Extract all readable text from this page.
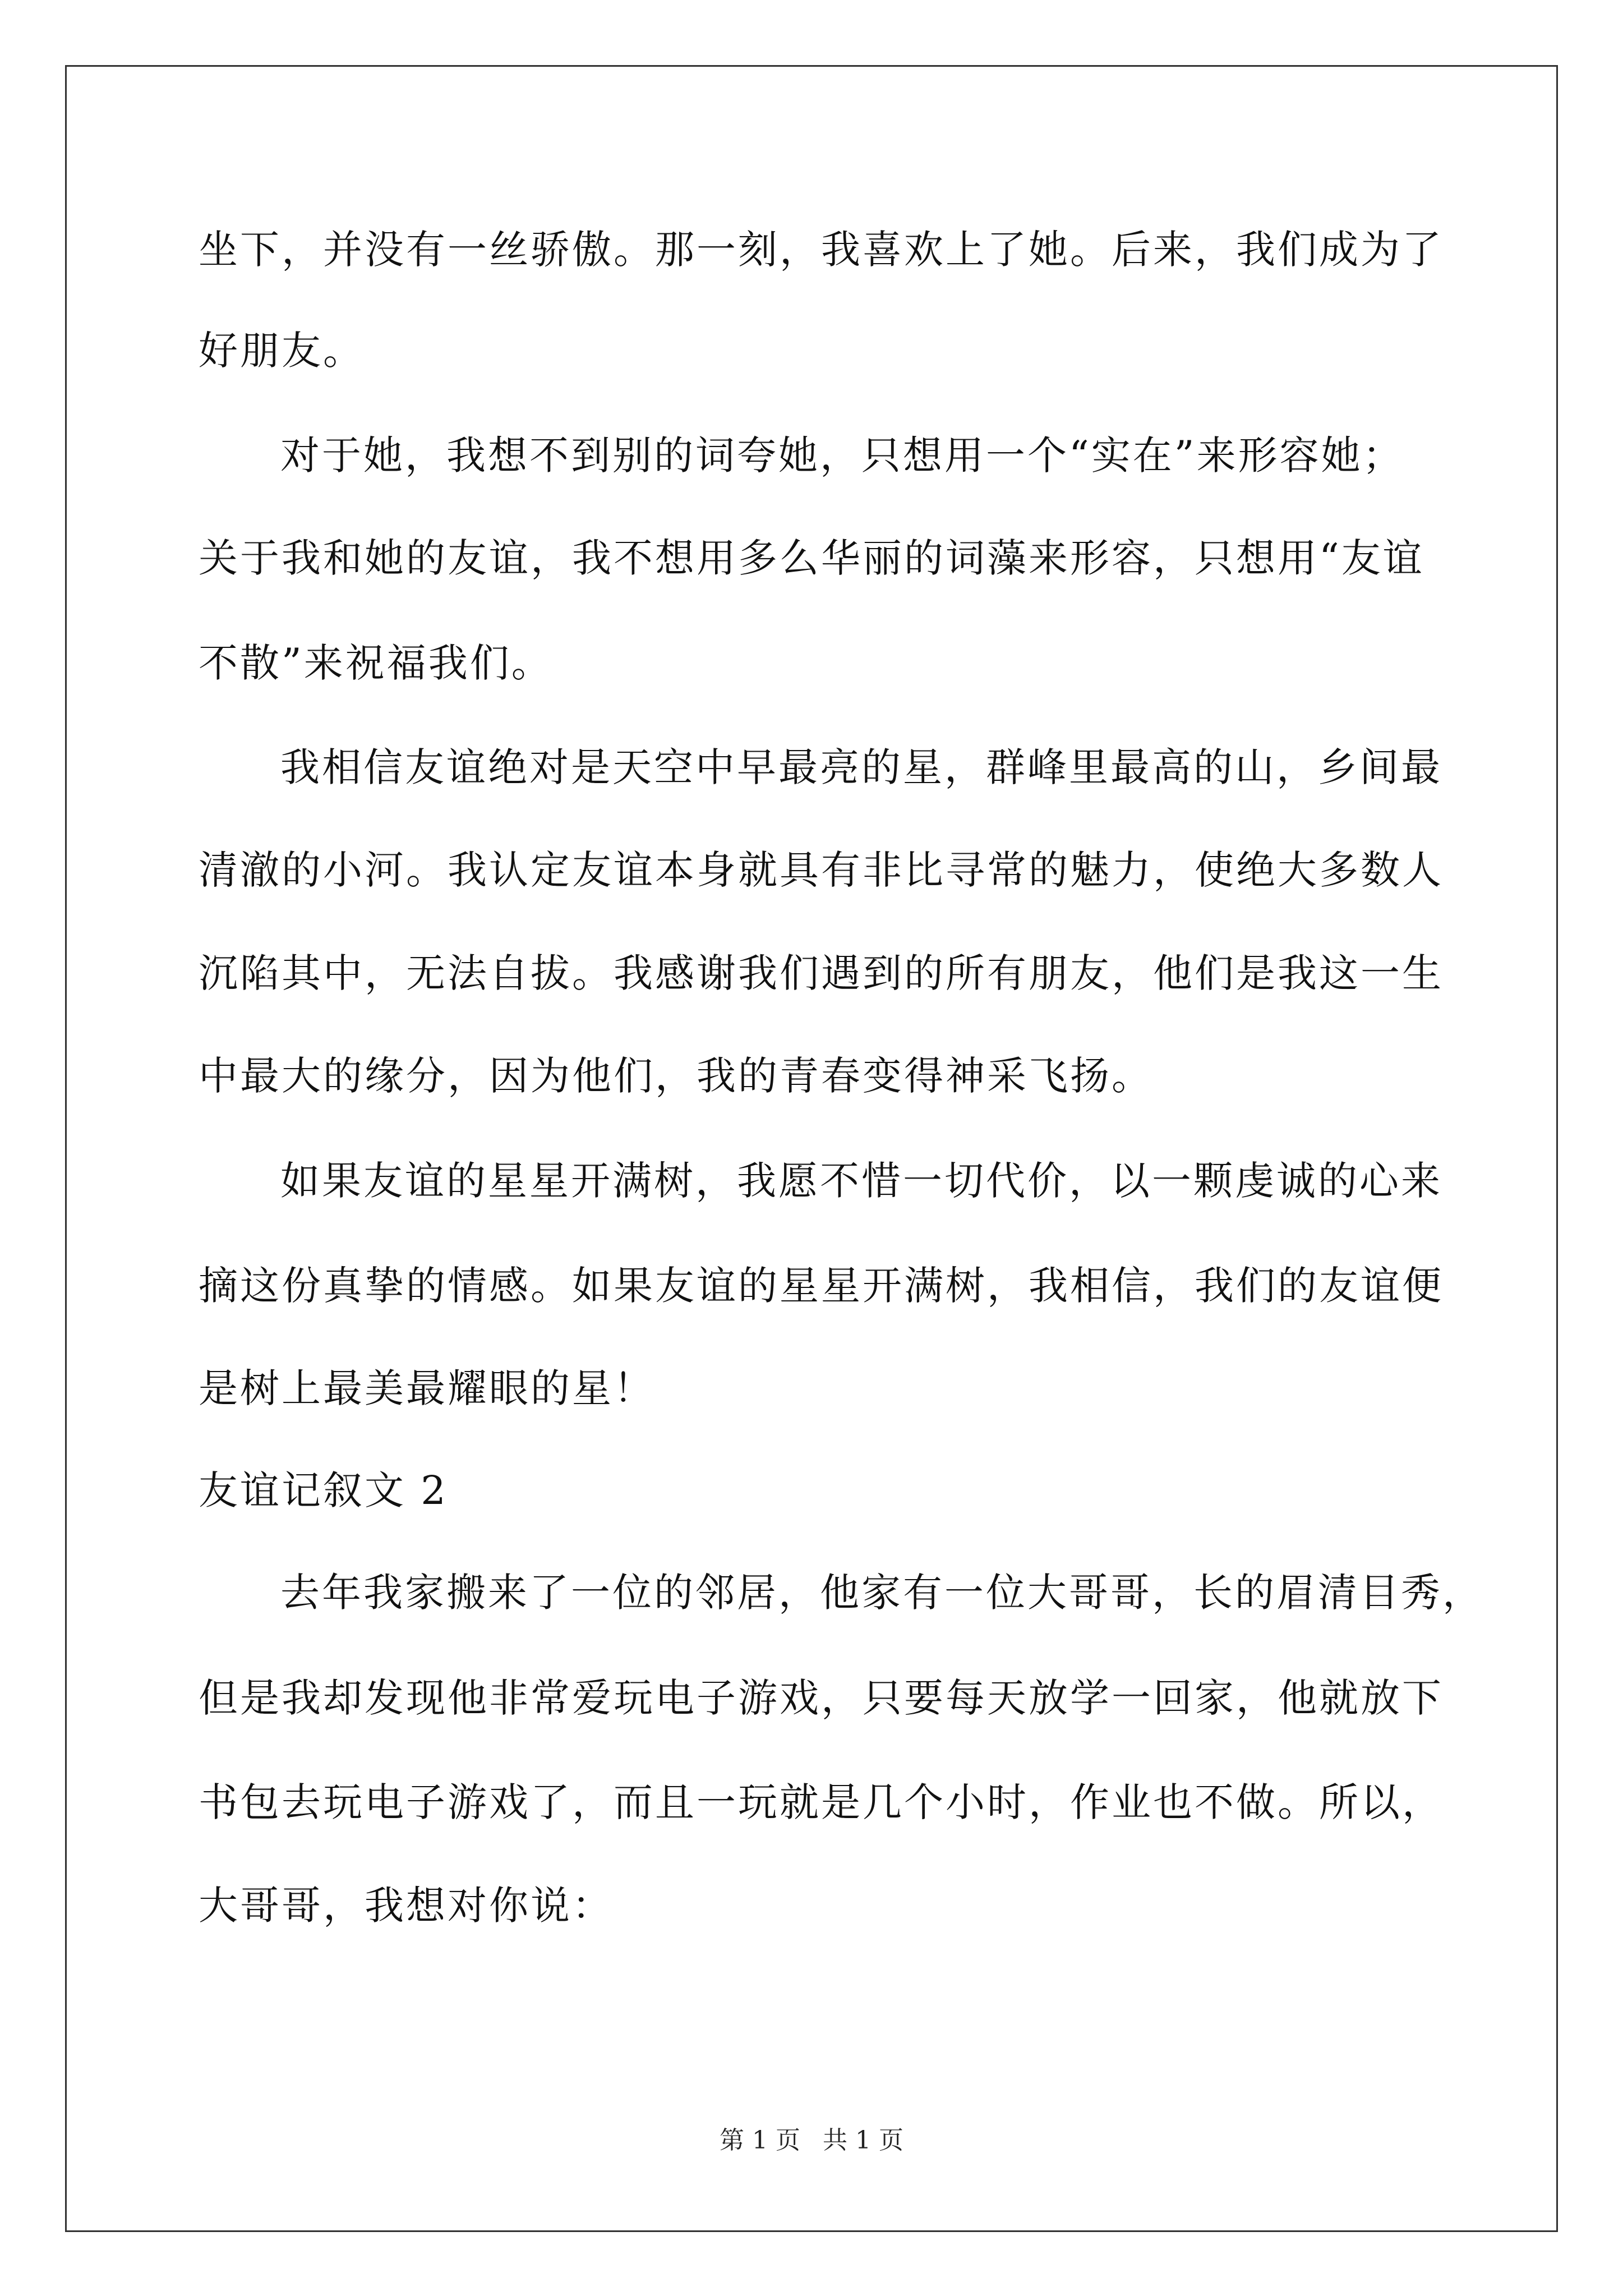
坐下，并没有一丝骄傲。那一刻，我喜欢上了她。后来，我们成为了
好朋友。
对于她，我想不到别的词夸她，只想用一个“实在”来形容她；
关于我和她的友谊，我不想用多么华丽的词藻来形容，只想用“友谊
不散”来祝福我们。
我相信友谊绝对是天空中早最亮的星，群峰里最高的山，乡间最
清澈的小河。我认定友谊本身就具有非比寻常的魅力，使绝大多数人
沉陷其中，无法自拔。我感谢我们遇到的所有朋友，他们是我这一生
中最大的缘分，因为他们，我的青春变得神采飞扬。
如果友谊的星星开满树，我愿不惜一切代价，以一颗虔诚的心来
摘这份真挚的情感。如果友谊的星星开满树，我相信，我们的友谊便
是树上最美最耀眼的星！
友谊记叙文 2
去年我家搬来了一位的邻居，他家有一位大哥哥，长的眉清目秀，
但是我却发现他非常爱玩电子游戏，只要每天放学一回家，他就放下
书包去玩电子游戏了，而且一玩就是几个小时，作业也不做。所以，
大哥哥，我想对你说：
第 1 页 共 1 页
